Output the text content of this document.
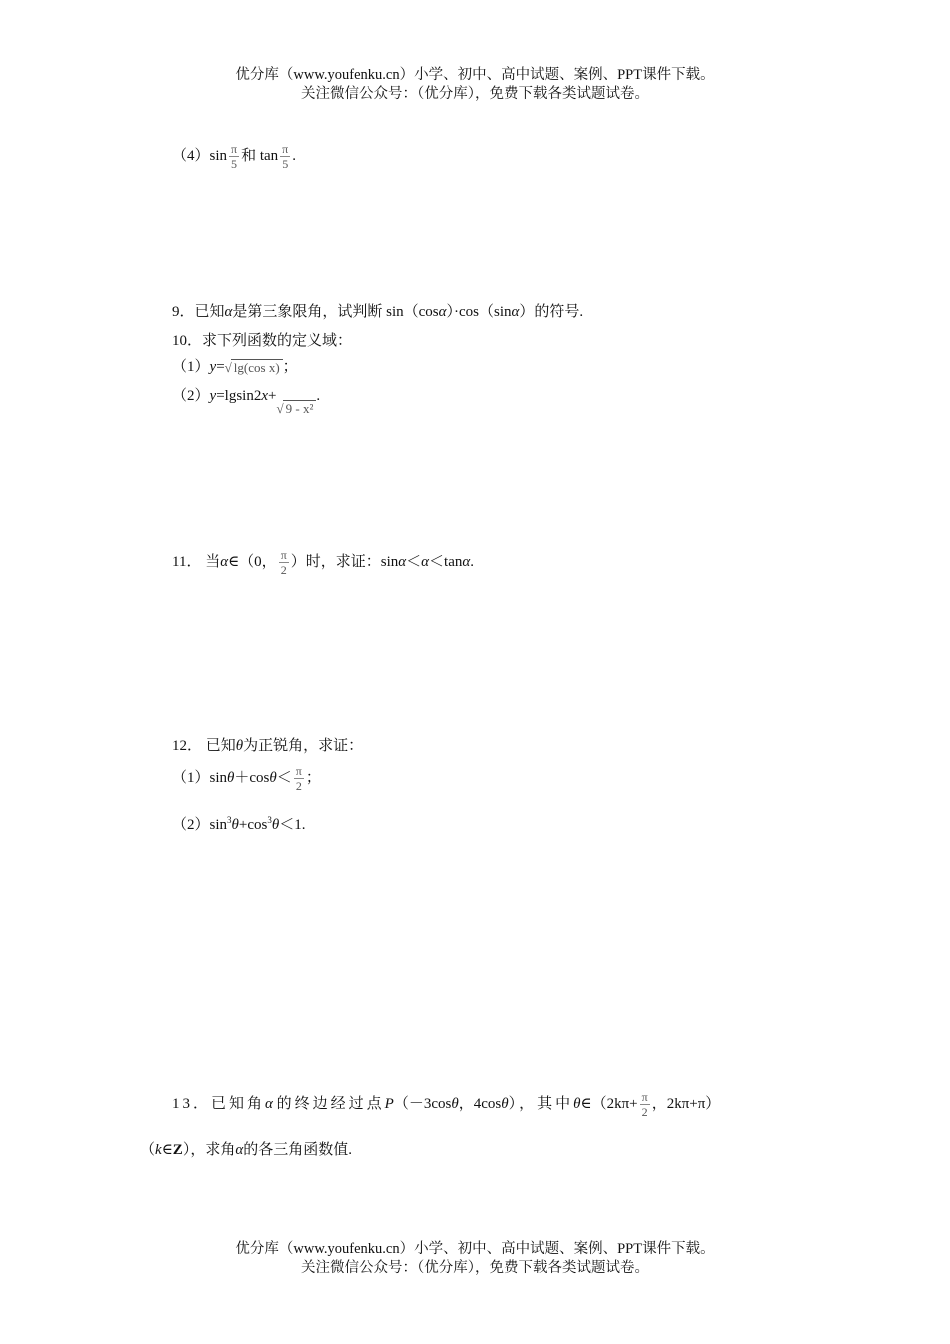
优分库（www.youfenku.cn）小学、初中、高中试题、案例、PPT课件下载。
关注微信公众号：（优分库），免费下载各类试题试卷。
$(4)\sin \frac{\pi}{5}$ 和 $\tan \frac{\pi}{5}$ .
9．已知α是第三象限角，试判断 sin（cosα）·cos（sinα）的符号.
10．求下列函数的定义域：
（1）y=√ lg(cos x) ；
（2）y=lgsin2x+√ 9 - x².
11． 当α∈（0， $\frac{\pi}{2}$ ）时，求证：sinα＜α＜tanα.
12． 已知θ为正锐角，求证：
$(1)\sin\theta+\cos\theta< \frac{\pi}{2}$ ；
$(2)\sin^3\theta+\cos^3\theta<1$.
13．已知角α 的终边经过点P（－3cosθ，4cosθ），其中θ∈（2kπ+ $\frac{\pi}{2}$ ，2kπ+π）
（k∈Z），求角α的各三角函数值.
优分库（www.youfenku.cn）小学、初中、高中试题、案例、PPT课件下载。
关注微信公众号：（优分库），免费下载各类试题试卷。
